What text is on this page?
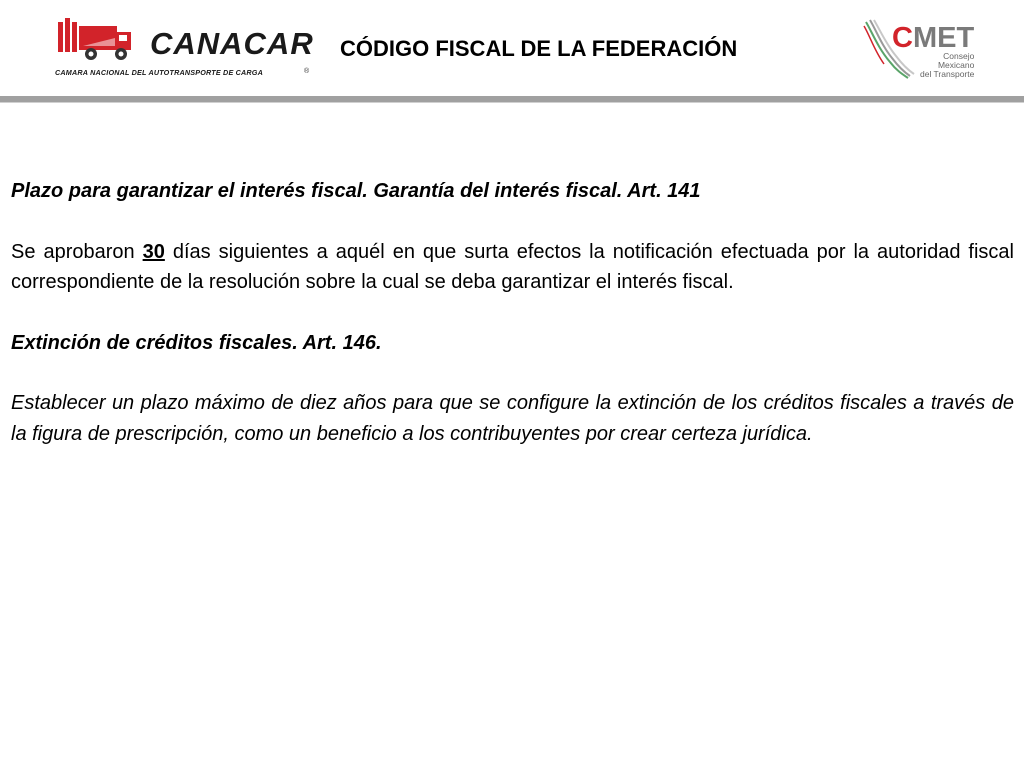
CANACAR
CAMARA NACIONAL DEL AUTOTRANSPORTE DE CARGA	®
CÓDIGO FISCAL DE LA FEDERACIÓN	CMET
Consejo
Mexicano
del Transporte

Plazo para garantizar el interés fiscal. Garantía del interés fiscal. Art. 141

Se aprobaron 30 días siguientes a aquél en que surta efectos la notificación efectuada por la autoridad fiscal correspondiente de la resolución sobre la cual se deba garantizar el interés fiscal.

Extinción de créditos fiscales. Art. 146.

Establecer un plazo máximo de diez años para que se configure la extinción de los créditos fiscales a través de la figura de prescripción, como un beneficio a los contribuyentes por crear certeza jurídica.
